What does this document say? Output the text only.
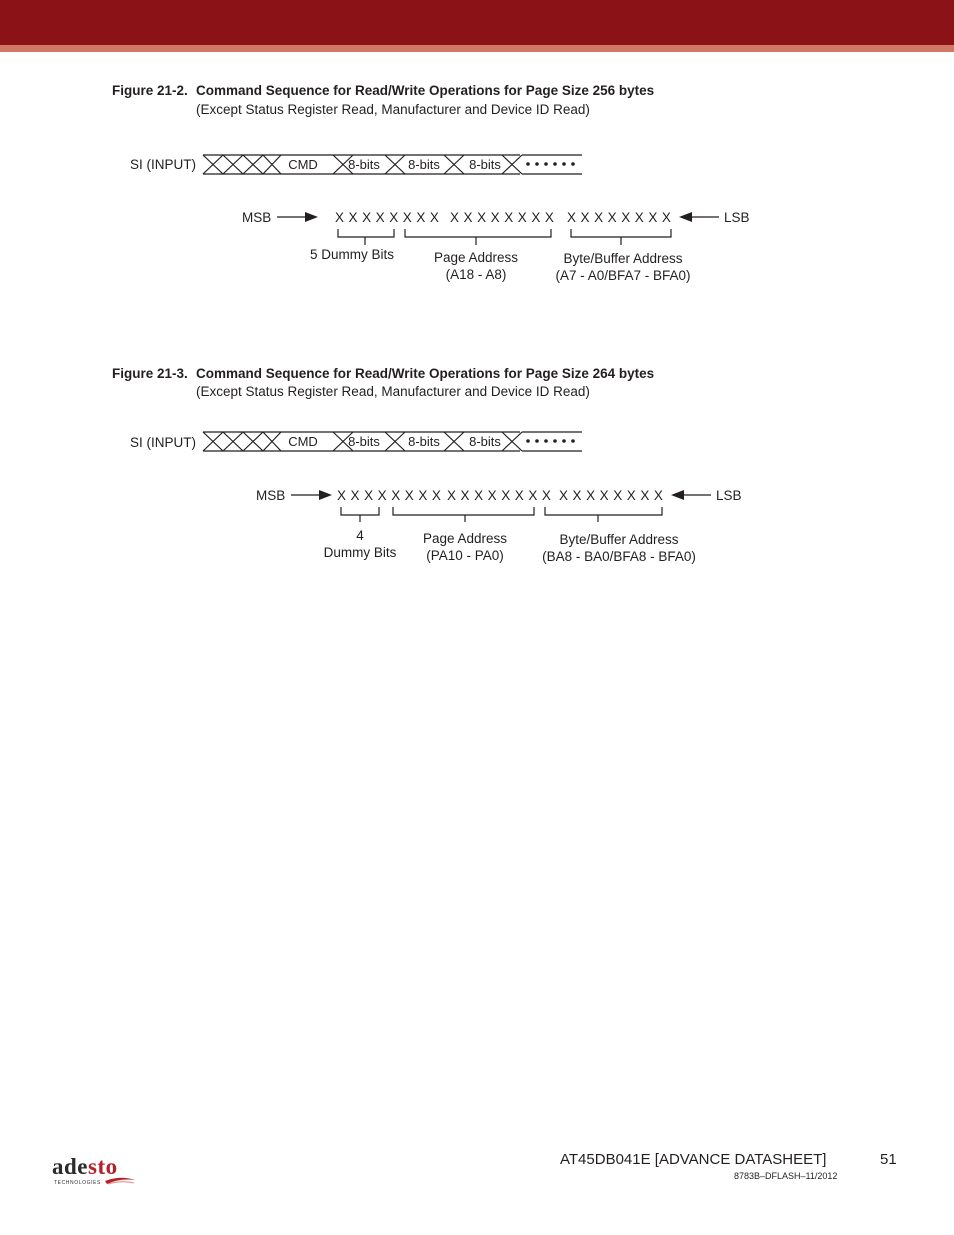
Figure 21-2. Command Sequence for Read/Write Operations for Page Size 256 bytes
(Except Status Register Read, Manufacturer and Device ID Read)
SI (INPUT)	CMD 8-bits 8-bits 8-bits
MSB	X X X X X X X X X X X X X X X X X X X X X X X X	LSB
5 Dummy Bits	Page Address
(A18 - A8)
Byte/Buffer Address
(A7 - A0/BFA7 - BFA0)
Figure 21-3. Command Sequence for Read/Write Operations for Page Size 264 bytes
(Except Status Register Read, Manufacturer and Device ID Read)
SI (INPUT)	CMD 8-bits 8-bits 8-bits
MSB	X X X X X X X X X X X X X X X X X X X X X X X X	LSB
4
Dummy Bits
Page Address
(PA10 - PA0)
Byte/Buffer Address
(BA8 - BA0/BFA8 - BFA0)
adesto
TECHNOLOGIES
AT45DB041E [ADVANCE DATASHEET]	51
8783B–DFLASH–11/2012
